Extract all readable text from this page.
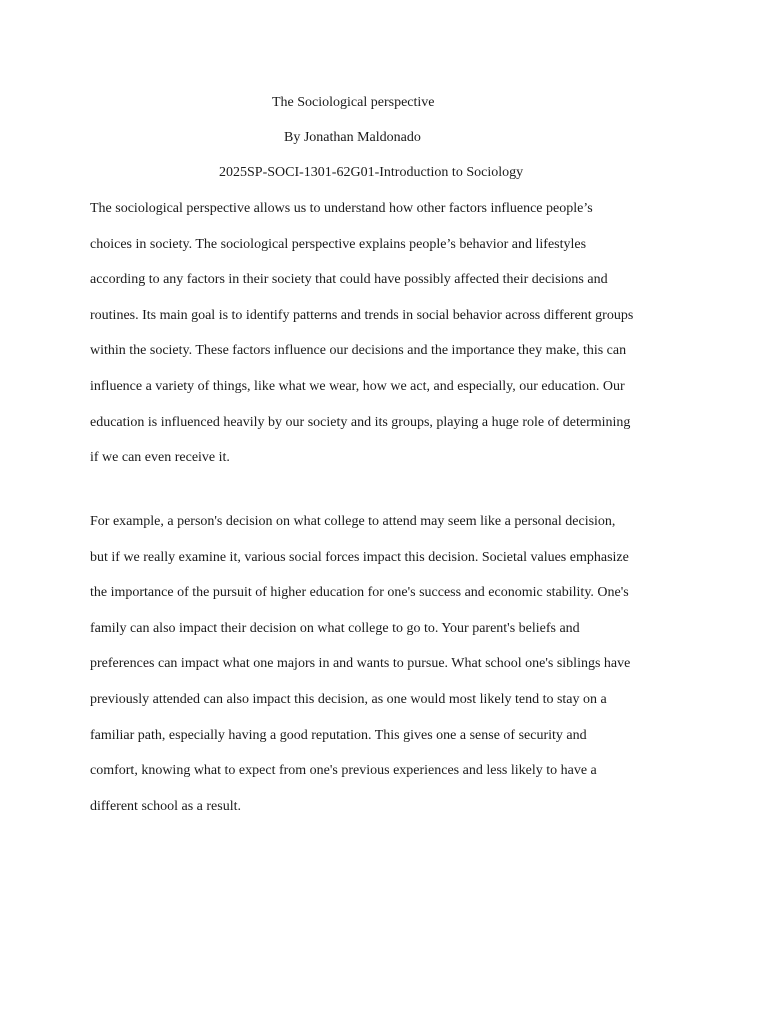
The Sociological perspective
By Jonathan Maldonado
2025SP-SOCI-1301-62G01-Introduction to Sociology

The sociological perspective allows us to understand how other factors influence people’s
choices in society. The sociological perspective explains people’s behavior and lifestyles
according to any factors in their society that could have possibly affected their decisions and
routines. Its main goal is to identify patterns and trends in social behavior across different groups
within the society. These factors influence our decisions and the importance they make, this can
influence a variety of things, like what we wear, how we act, and especially, our education. Our
education is influenced heavily by our society and its groups, playing a huge role of determining
if we can even receive it.

For example, a person's decision on what college to attend may seem like a personal decision,
but if we really examine it, various social forces impact this decision. Societal values emphasize
the importance of the pursuit of higher education for one's success and economic stability. One's
family can also impact their decision on what college to go to. Your parent's beliefs and
preferences can impact what one majors in and wants to pursue. What school one's siblings have
previously attended can also impact this decision, as one would most likely tend to stay on a
familiar path, especially having a good reputation. This gives one a sense of security and
comfort, knowing what to expect from one's previous experiences and less likely to have a
different school as a result.
